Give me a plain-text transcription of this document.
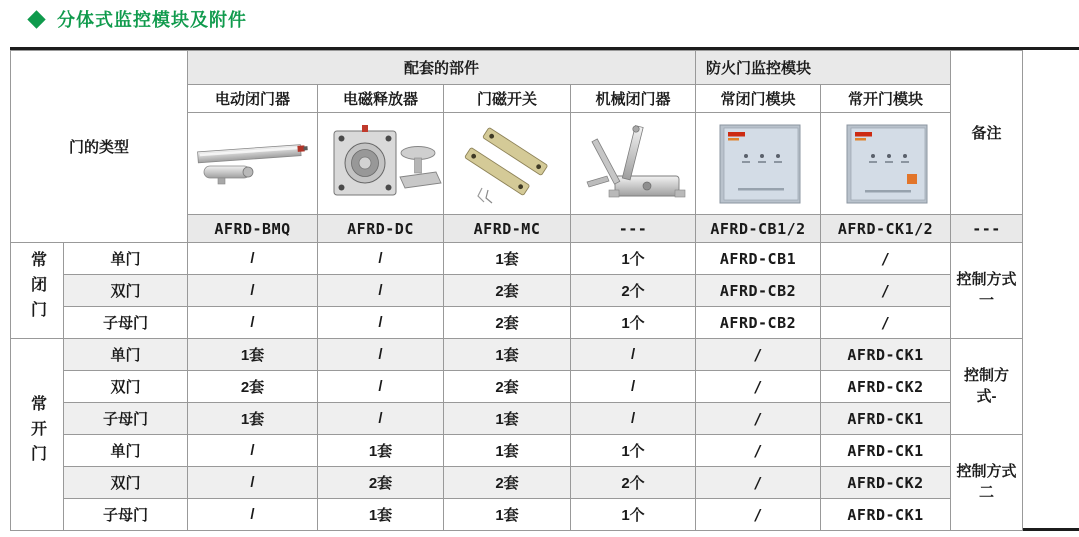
分体式监控模块及附件
门的类型		配套的部件				防火门监控模块		备注
		电动闭门器	电磁释放器	门磁开关	机械闭门器	常闭门模块	常开门模块	

		AFRD-BMQ	AFRD-DC	AFRD-MC	---	AFRD-CB1/2	AFRD-CK1/2	---
常闭门	单门	/	/	1套	1个	AFRD-CB1	/	控制方式一
	双门	/	/	2套	2个	AFRD-CB2	/	
	子母门	/	/	2套	1个	AFRD-CB2	/	
常开门	单门	1套	/	1套	/	/	AFRD-CK1	控制方式-
	双门	2套	/	2套	/	/	AFRD-CK2	
	子母门	1套	/	1套	/	/	AFRD-CK1	
	单门	/	1套	1套	1个	/	AFRD-CK1	控制方式二
	双门	/	2套	2套	2个	/	AFRD-CK2	
	子母门	/	1套	1套	1个	/	AFRD-CK1	
